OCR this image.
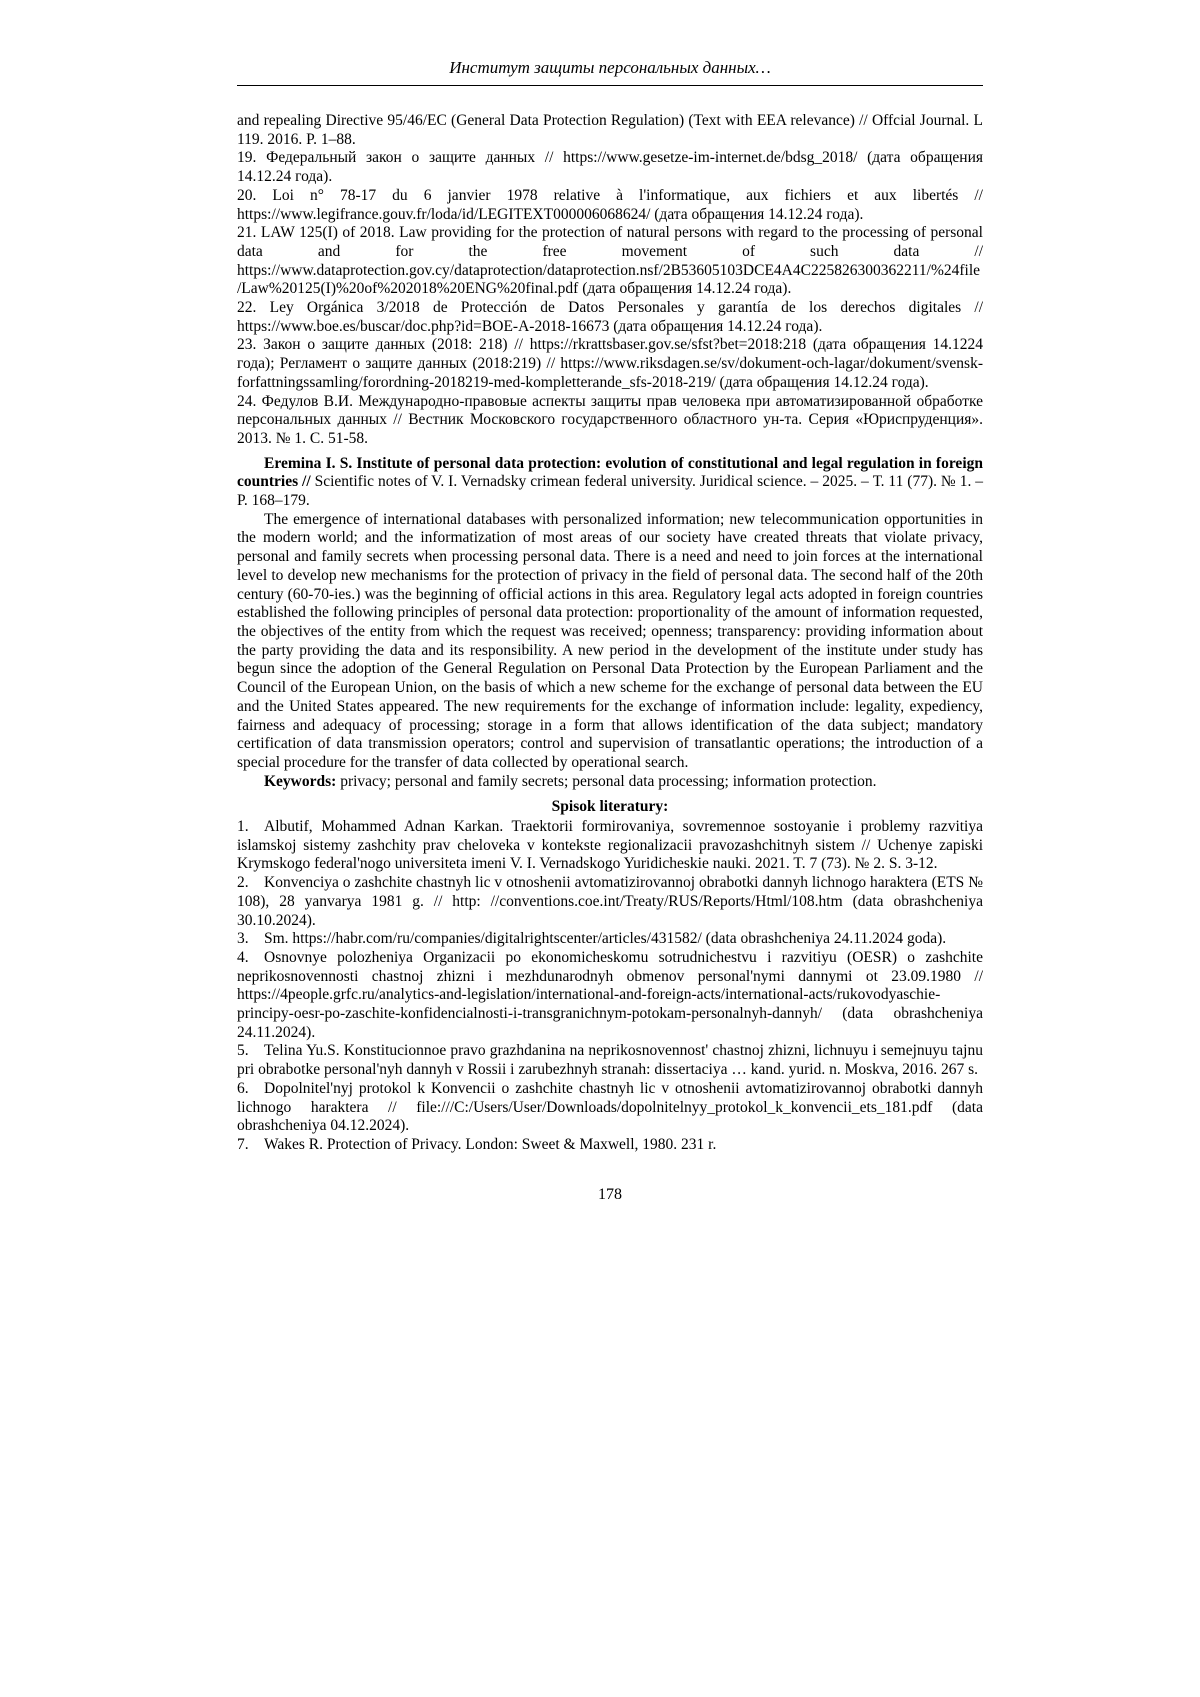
Институт защиты персональных данных…

and repealing Directive 95/46/EC (General Data Protection Regulation) (Text with EEA relevance) // Offcial Journal. L 119. 2016. P. 1–88.

19. Федеральный закон о защите данных // https://www.gesetze-im-internet.de/bdsg_2018/ (дата обращения 14.12.24 года).

20. Loi n° 78-17 du 6 janvier 1978 relative à l'informatique, aux fichiers et aux libertés // https://www.legifrance.gouv.fr/loda/id/LEGITEXT000006068624/ (дата обращения 14.12.24 года).

21. LAW 125(I) of 2018. Law providing for the protection of natural persons with regard to the processing of personal data and for the free movement of such data // https://www.dataprotection.gov.cy/dataprotection/dataprotection.nsf/2B53605103DCE4A4C225826300362211/%24file/Law%20125(I)%20of%202018%20ENG%20final.pdf (дата обращения 14.12.24 года).

22. Ley Orgánica 3/2018 de Protección de Datos Personales y garantía de los derechos digitales // https://www.boe.es/buscar/doc.php?id=BOE-A-2018-16673 (дата обращения 14.12.24 года).

23. Закон о защите данных (2018: 218) // https://rkrattsbaser.gov.se/sfst?bet=2018:218 (дата обращения 14.1224 года); Регламент о защите данных (2018:219) // https://www.riksdagen.se/sv/dokument-och-lagar/dokument/svensk-forfattningssamling/forordning-2018219-med-kompletterande_sfs-2018-219/ (дата обращения 14.12.24 года).

24. Федулов В.И. Международно-правовые аспекты защиты прав человека при автоматизированной обработке персональных данных // Вестник Московского государственного областного ун-та. Серия «Юриспруденция». 2013. № 1. С. 51-58.

Eremina I. S. Institute of personal data protection: evolution of constitutional and legal regulation in foreign countries // Scientific notes of V. I. Vernadsky crimean federal university. Juridical science. – 2025. – Т. 11 (77). № 1. – P. 168–179.

The emergence of international databases with personalized information; new telecommunication opportunities in the modern world; and the informatization of most areas of our society have created threats that violate privacy, personal and family secrets when processing personal data. There is a need and need to join forces at the international level to develop new mechanisms for the protection of privacy in the field of personal data. The second half of the 20th century (60-70-ies.) was the beginning of official actions in this area. Regulatory legal acts adopted in foreign countries established the following principles of personal data protection: proportionality of the amount of information requested, the objectives of the entity from which the request was received; openness; transparency: providing information about the party providing the data and its responsibility. A new period in the development of the institute under study has begun since the adoption of the General Regulation on Personal Data Protection by the European Parliament and the Council of the European Union, on the basis of which a new scheme for the exchange of personal data between the EU and the United States appeared. The new requirements for the exchange of information include: legality, expediency, fairness and adequacy of processing; storage in a form that allows identification of the data subject; mandatory certification of data transmission operators; control and supervision of transatlantic operations; the introduction of a special procedure for the transfer of data collected by operational search.

Keywords: privacy; personal and family secrets; personal data processing; information protection.

Spisok literatury:

1. Albutif, Mohammed Adnan Karkan. Traektorii formirovaniya, sovremennoe sostoyanie i problemy razvitiya islamskoj sistemy zashchity prav cheloveka v kontekste regionalizacii pravozashchitnyh sistem // Uchenye zapiski Krymskogo federal'nogo universiteta imeni V. I. Vernadskogo Yuridicheskie nauki. 2021. T. 7 (73). № 2. S. 3-12.

2. Konvenciya o zashchite chastnyh lic v otnoshenii avtomatizirovannoj obrabotki dannyh lichnogo haraktera (ETS № 108), 28 yanvarya 1981 g. // http: //conventions.coe.int/Treaty/RUS/Reports/Html/108.htm (data obrashcheniya 30.10.2024).

3. Sm. https://habr.com/ru/companies/digitalrightscenter/articles/431582/ (data obrashcheniya 24.11.2024 goda).

4. Osnovnye polozheniya Organizacii po ekonomicheskomu sotrudnichestvu i razvitiyu (OESR) o zashchite neprikosnovennosti chastnoj zhizni i mezhdunarodnyh obmenov personal'nymi dannymi ot 23.09.1980 // https://4people.grfc.ru/analytics-and-legislation/international-and-foreign-acts/international-acts/rukovodyaschie-principy-oesr-po-zaschite-konfidencialnosti-i-transgranichnym-potokam-personalnyh-dannyh/ (data obrashcheniya 24.11.2024).

5. Telina Yu.S. Konstitucionnoe pravo grazhdanina na neprikosnovennost' chastnoj zhizni, lichnuyu i semejnuyu tajnu pri obrabotke personal'nyh dannyh v Rossii i zarubezhnyh stranah: dissertaciya … kand. yurid. n. Moskva, 2016. 267 s.

6. Dopolnitel'nyj protokol k Konvencii o zashchite chastnyh lic v otnoshenii avtomatizirovannoj obrabotki dannyh lichnogo haraktera // file:///C:/Users/User/Downloads/dopolnitelnyy_protokol_k_konvencii_ets_181.pdf (data obrashcheniya 04.12.2024).

7. Wakes R. Protection of Privacy. London: Sweet & Maxwell, 1980. 231 r.

178
